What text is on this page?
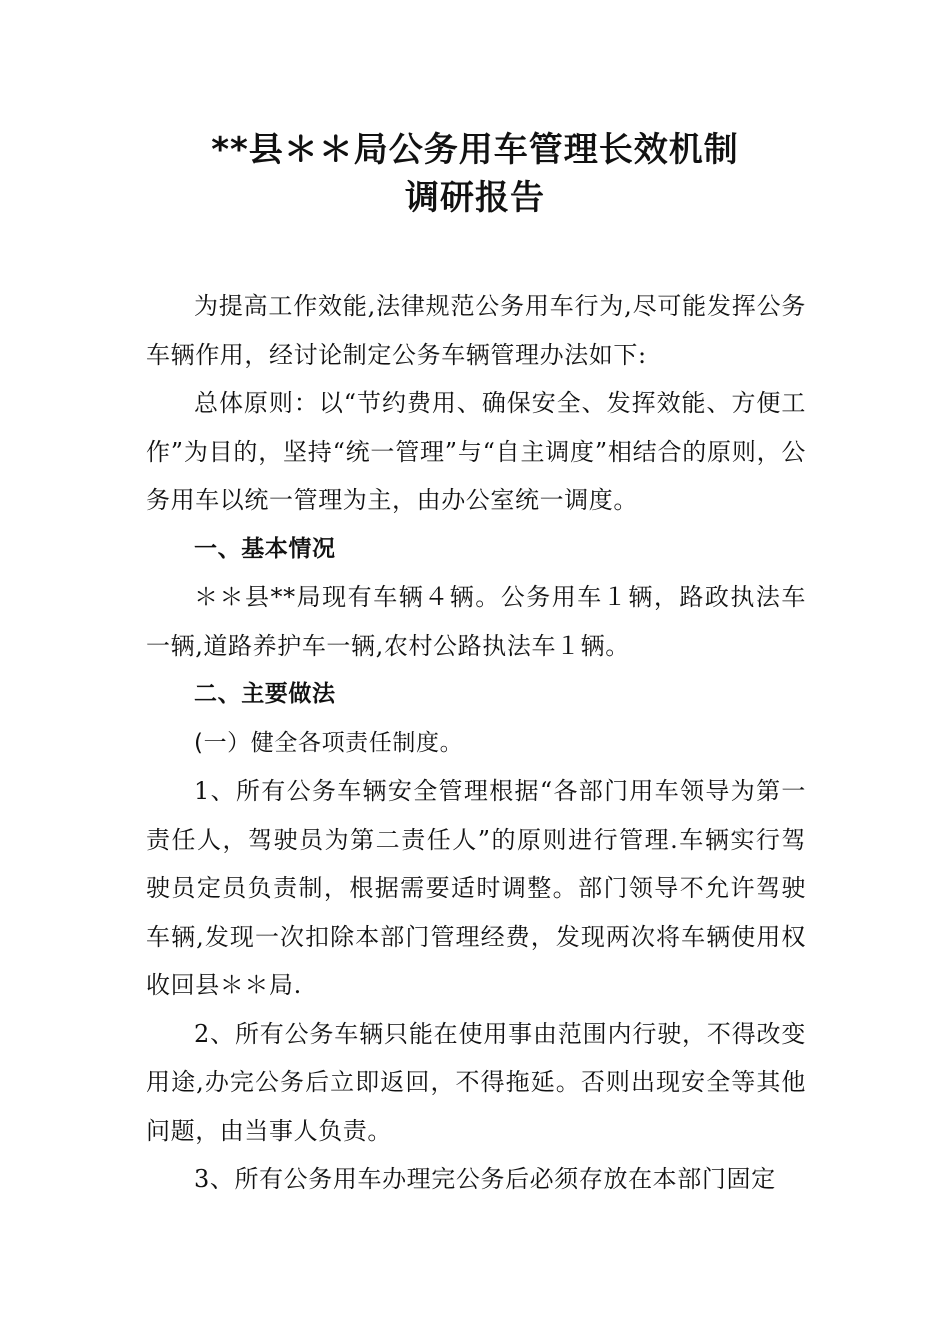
**县＊＊局公务用车管理长效机制
调研报告

为提高工作效能,法律规范公务用车行为,尽可能发挥公务车辆作用，经讨论制定公务车辆管理办法如下:

总体原则：以“节约费用、确保安全、发挥效能、方便工作”为目的，坚持“统一管理”与“自主调度”相结合的原则，公务用车以统一管理为主，由办公室统一调度。

一、基本情况

＊＊县**局现有车辆４辆。公务用车１辆，路政执法车一辆,道路养护车一辆,农村公路执法车１辆。

二、主要做法

(一）健全各项责任制度。

1、所有公务车辆安全管理根据“各部门用车领导为第一责任人，驾驶员为第二责任人”的原则进行管理.车辆实行驾驶员定员负责制，根据需要适时调整。部门领导不允许驾驶车辆,发现一次扣除本部门管理经费，发现两次将车辆使用权收回县＊＊局.

2、所有公务车辆只能在使用事由范围内行驶，不得改变用途,办完公务后立即返回，不得拖延。否则出现安全等其他问题，由当事人负责。

3、所有公务用车办理完公务后必须存放在本部门固定
